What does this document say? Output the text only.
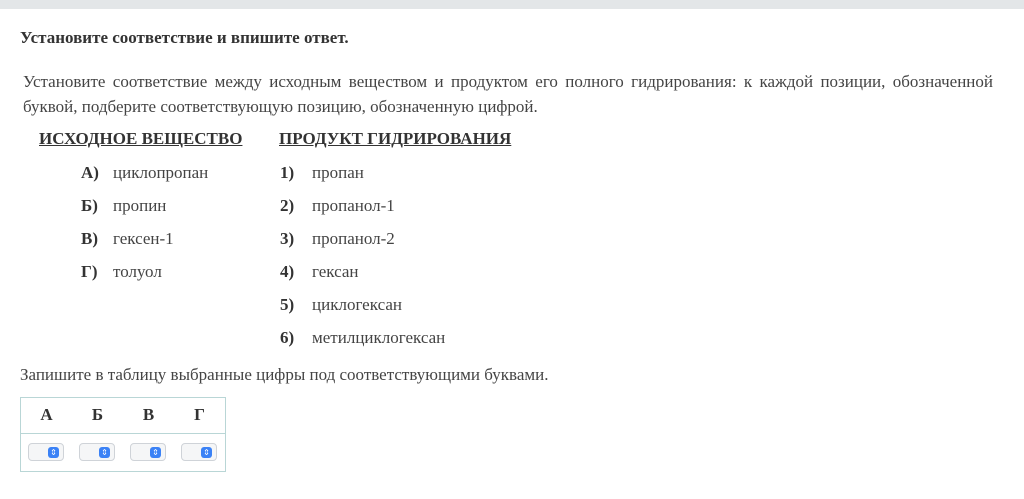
Установите соответствие и впишите ответ.
Установите соответствие между исходным веществом и продуктом его полного гидрирования: к каждой позиции, обозначенной буквой, подберите соответствующую позицию, обозначенную цифрой.
ИСХОДНОЕ ВЕЩЕСТВО ПРОДУКТ ГИДРИРОВАНИЯ
А) циклопропан
Б) пропин
В) гексен-1
Г) толуол
1) пропан
2) пропанол-1
3) пропанол-2
4) гексан
5) циклогексан
6) метилциклогексан
Запишите в таблицу выбранные цифры под соответствующими буквами.
А	Б	В	Г
⇕	⇕	⇕	⇕
